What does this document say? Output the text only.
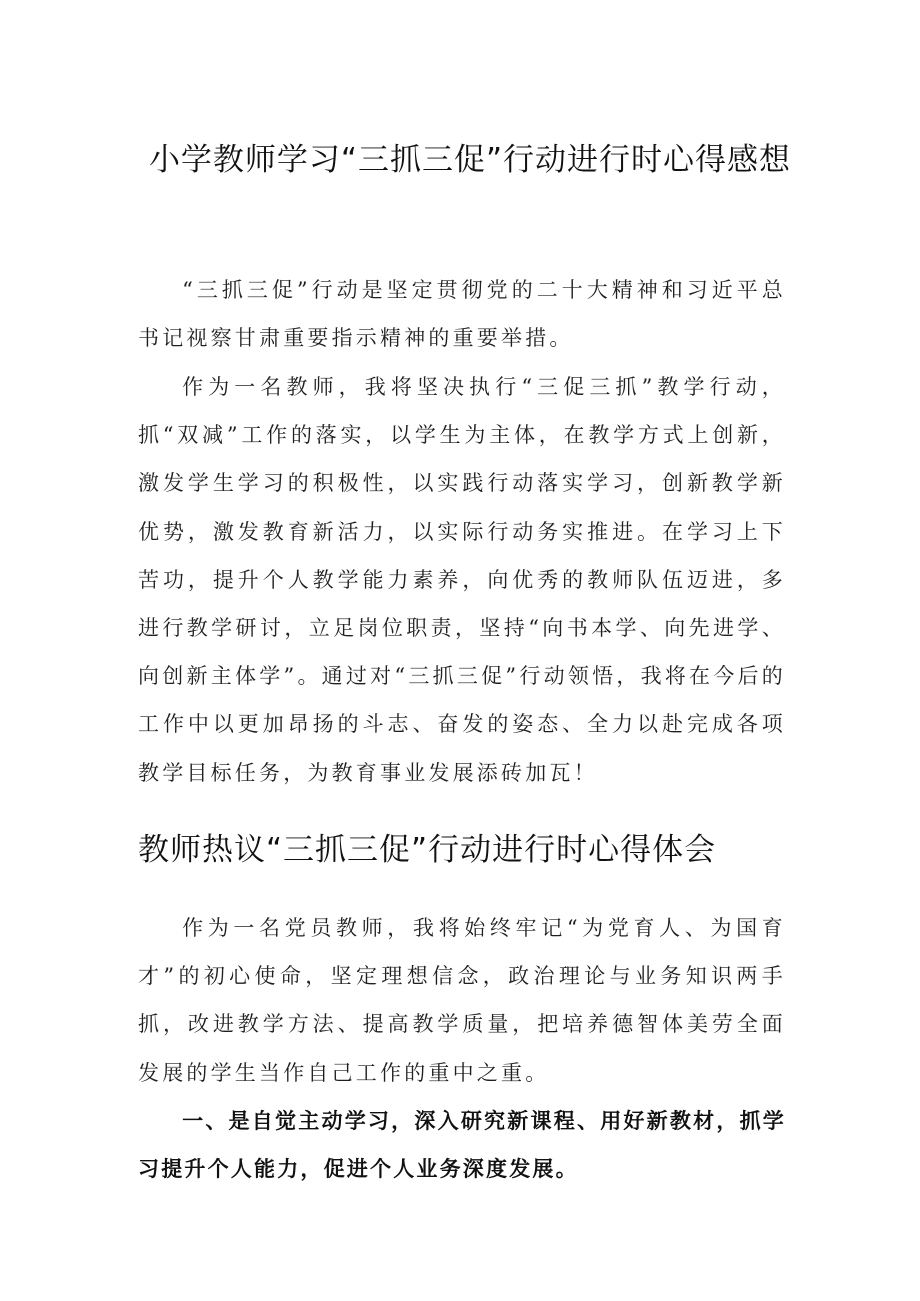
小学教师学习“三抓三促”行动进行时心得感想

“三抓三促”行动是坚定贯彻党的二十大精神和习近平总书记视察甘肃重要指示精神的重要举措。

作为一名教师，我将坚决执行“三促三抓”教学行动，抓“双减”工作的落实，以学生为主体，在教学方式上创新，激发学生学习的积极性，以实践行动落实学习，创新教学新优势，激发教育新活力，以实际行动务实推进。在学习上下苦功，提升个人教学能力素养，向优秀的教师队伍迈进，多进行教学研讨，立足岗位职责，坚持“向书本学、向先进学、向创新主体学”。通过对“三抓三促”行动领悟，我将在今后的工作中以更加昂扬的斗志、奋发的姿态、全力以赴完成各项教学目标任务，为教育事业发展添砖加瓦！

教师热议“三抓三促”行动进行时心得体会

作为一名党员教师，我将始终牢记“为党育人、为国育才”的初心使命，坚定理想信念，政治理论与业务知识两手抓，改进教学方法、提高教学质量，把培养德智体美劳全面发展的学生当作自己工作的重中之重。

一、是自觉主动学习，深入研究新课程、用好新教材，抓学习提升个人能力，促进个人业务深度发展。
